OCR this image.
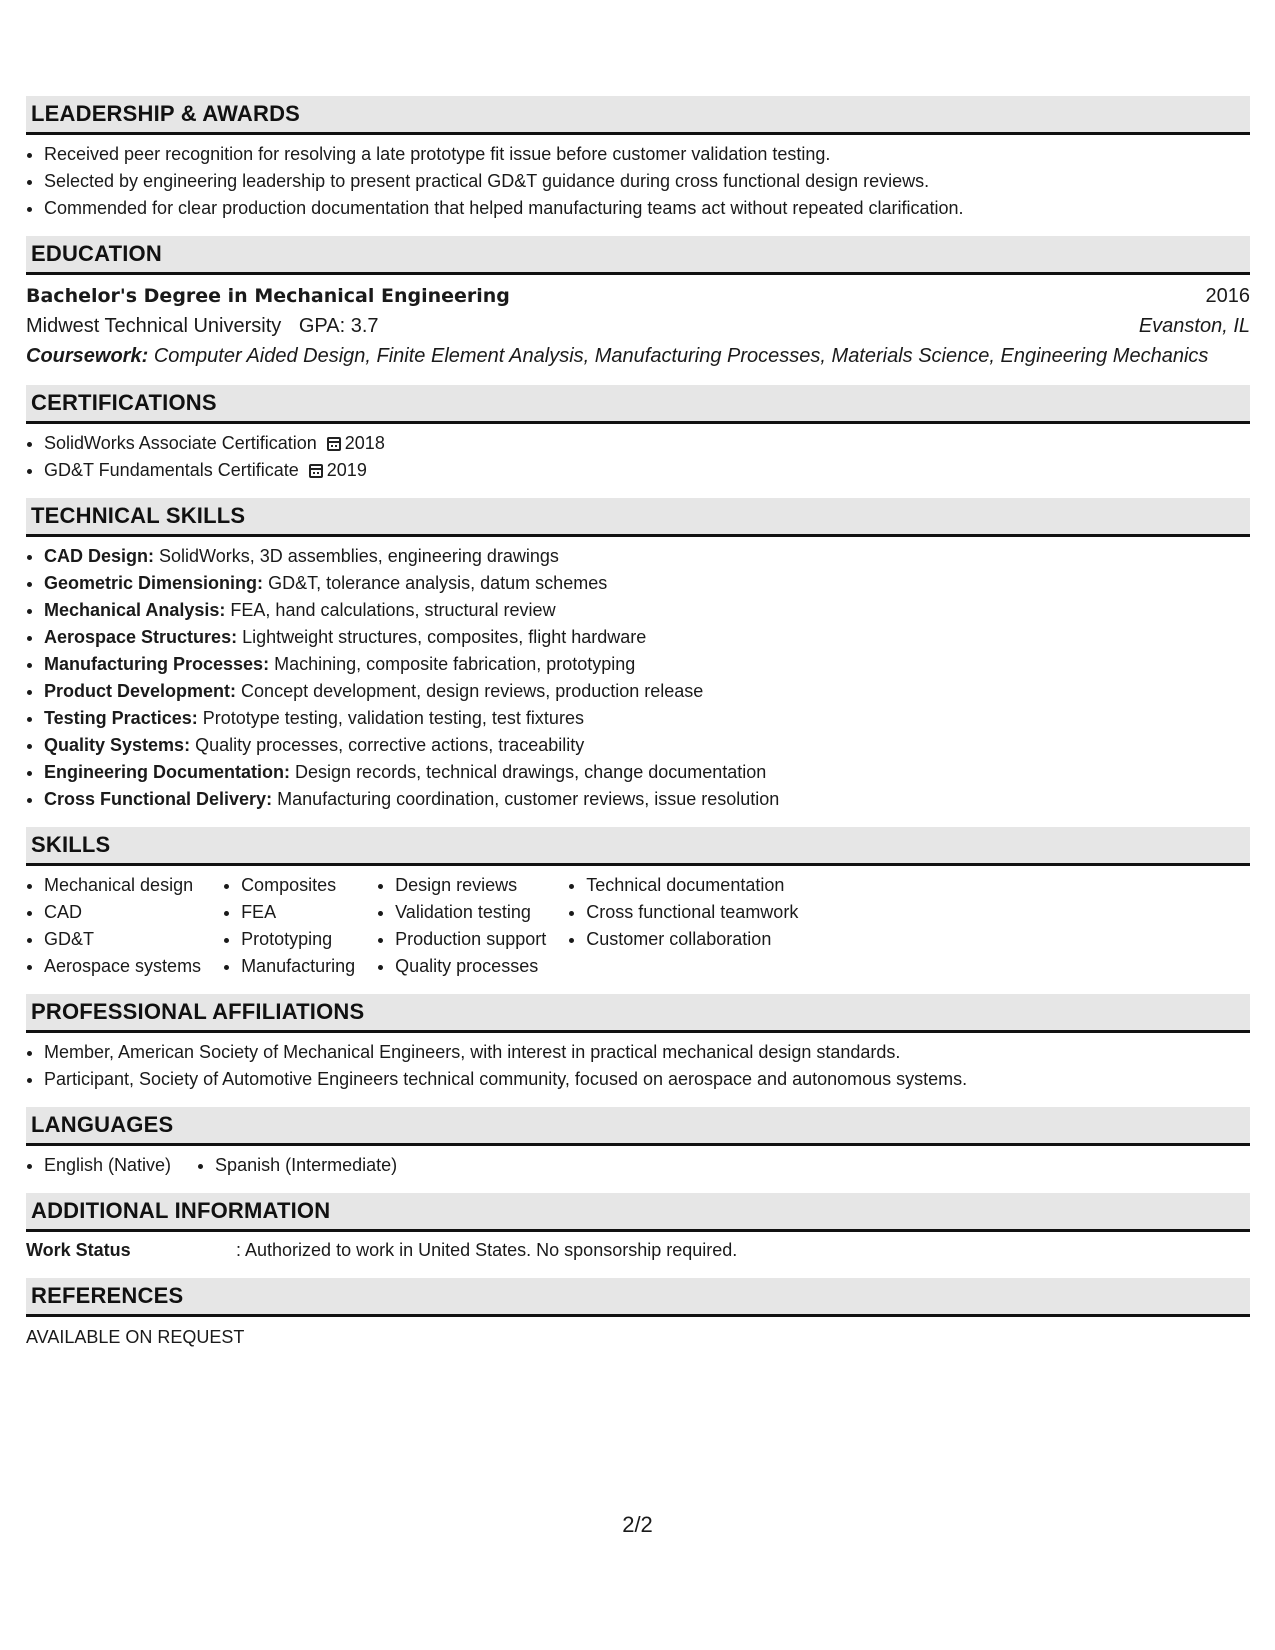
LEADERSHIP & AWARDS
• Received peer recognition for resolving a late prototype fit issue before customer validation testing.
• Selected by engineering leadership to present practical GD&T guidance during cross functional design reviews.
• Commended for clear production documentation that helped manufacturing teams act without repeated clarification.
EDUCATION
Bachelor's Degree in Mechanical Engineering	2016
Midwest Technical University GPA: 3.7	Evanston, IL
Coursework: Computer Aided Design, Finite Element Analysis, Manufacturing Processes, Materials Science, Engineering Mechanics
CERTIFICATIONS
• SolidWorks Associate Certification 2018
• GD&T Fundamentals Certificate 2019
TECHNICAL SKILLS
• CAD Design: SolidWorks, 3D assemblies, engineering drawings
• Geometric Dimensioning: GD&T, tolerance analysis, datum schemes
• Mechanical Analysis: FEA, hand calculations, structural review
• Aerospace Structures: Lightweight structures, composites, flight hardware
• Manufacturing Processes: Machining, composite fabrication, prototyping
• Product Development: Concept development, design reviews, production release
• Testing Practices: Prototype testing, validation testing, test fixtures
• Quality Systems: Quality processes, corrective actions, traceability
• Engineering Documentation: Design records, technical drawings, change documentation
• Cross Functional Delivery: Manufacturing coordination, customer reviews, issue resolution
SKILLS
• Mechanical design
• CAD
• GD&T
• Aerospace systems
• Composites
• FEA
• Prototyping
• Manufacturing
• Design reviews
• Validation testing
• Production support
• Quality processes
• Technical documentation
• Cross functional teamwork
• Customer collaboration
PROFESSIONAL AFFILIATIONS
• Member, American Society of Mechanical Engineers, with interest in practical mechanical design standards.
• Participant, Society of Automotive Engineers technical community, focused on aerospace and autonomous systems.
LANGUAGES
• English (Native)
• Spanish (Intermediate)
ADDITIONAL INFORMATION
Work Status	: Authorized to work in United States. No sponsorship required.
REFERENCES
AVAILABLE ON REQUEST
2/2
